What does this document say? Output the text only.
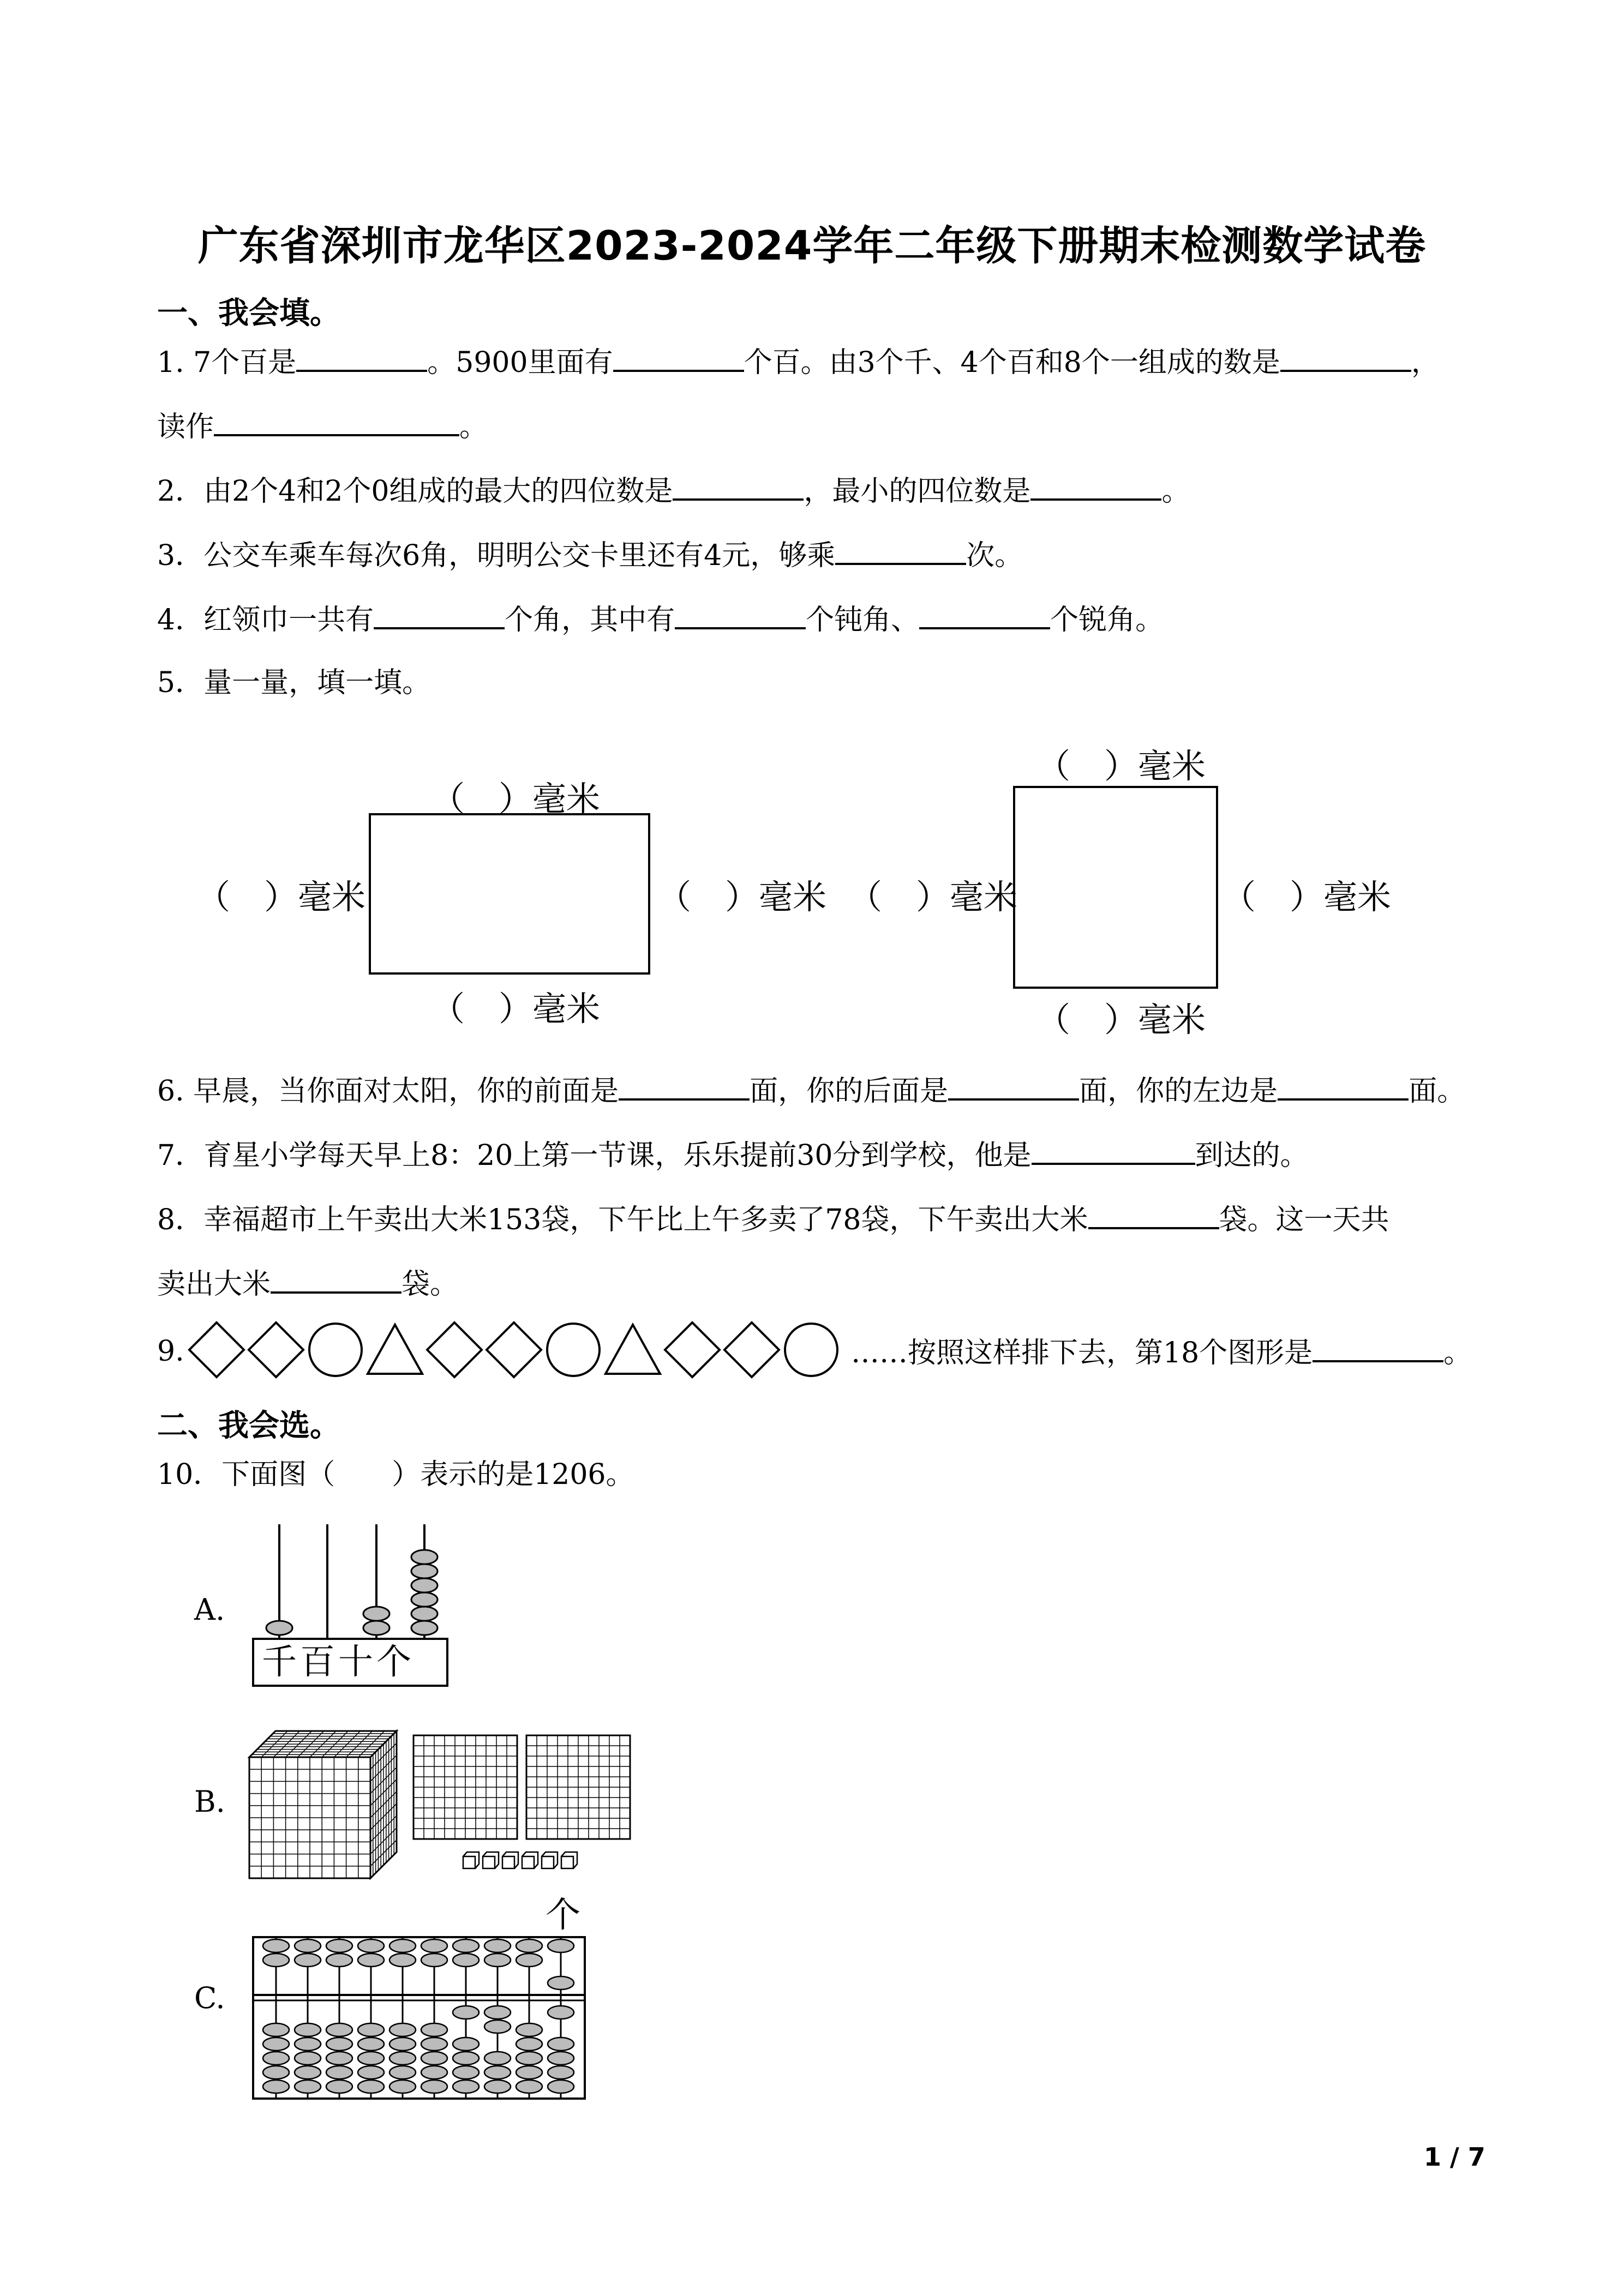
广东省深圳市龙华区2023-2024学年二年级下册期末检测数学试卷
一、我会填。
1. 7个百是	。5900里面有	个百。由3个千、4个百和8个一组成的数是	，
读作	。
2．由2个4和2个0组成的最大的四位数是	，最小的四位数是	。
3．公交车乘车每次6角，明明公交卡里还有4元，够乘	次。
4．红领巾一共有	个角，其中有	个钝角、	个锐角。
5．量一量，填一填。
（　）毫米
（　）毫米	（　）毫米
（　）毫米
（　）毫米
（　）毫米	（　）毫米
（　）毫米
6. 早晨，当你面对太阳，你的前面是	面，你的后面是	面，你的左边是	面。
7．育星小学每天早上8：20上第一节课，乐乐提前30分到学校，他是	到达的。
8．幸福超市上午卖出大米153袋，下午比上午多卖了78袋，下午卖出大米	袋。这一天共
卖出大米	袋。
9.	……按照这样排下去，第18个图形是	。
二、我会选。
10．下面图（　　）表示的是1206。
A.
千百十个
B.
C.
个
1 / 7
